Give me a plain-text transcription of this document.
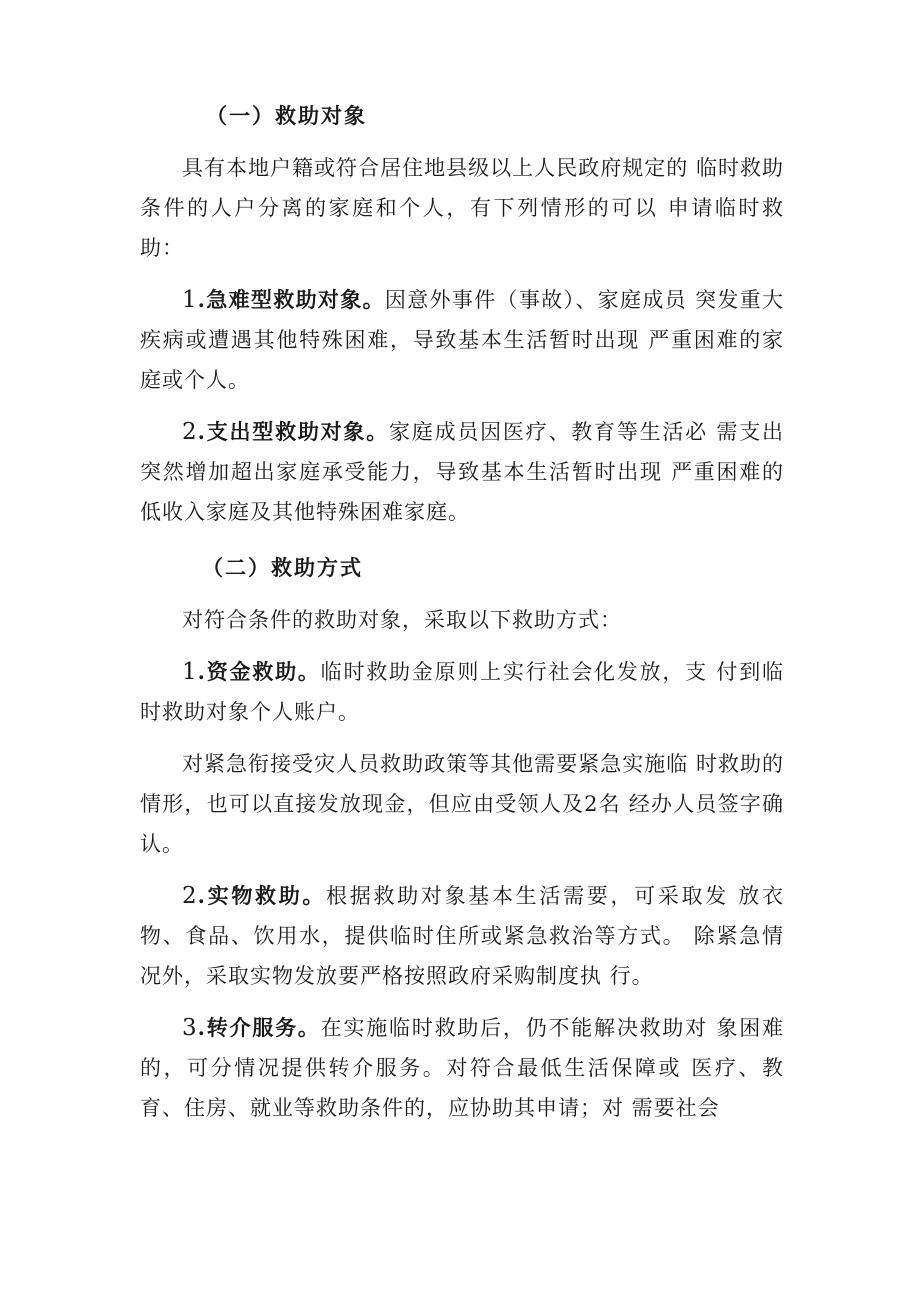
（一）救助对象

具有本地户籍或符合居住地县级以上人民政府规定的 临时救助条件的人户分离的家庭和个人，有下列情形的可以 申请临时救助：

1.急难型救助对象。因意外事件（事故）、家庭成员 突发重大疾病或遭遇其他特殊困难，导致基本生活暂时出现 严重困难的家庭或个人。

2.支出型救助对象。家庭成员因医疗、教育等生活必 需支出突然增加超出家庭承受能力，导致基本生活暂时出现 严重困难的低收入家庭及其他特殊困难家庭。

（二）救助方式

对符合条件的救助对象，采取以下救助方式：

1.资金救助。临时救助金原则上实行社会化发放，支 付到临时救助对象个人账户。

对紧急衔接受灾人员救助政策等其他需要紧急实施临 时救助的情形，也可以直接发放现金，但应由受领人及2名 经办人员签字确认。

2.实物救助。根据救助对象基本生活需要，可采取发 放衣物、食品、饮用水，提供临时住所或紧急救治等方式。 除紧急情况外，采取实物发放要严格按照政府采购制度执 行。

3.转介服务。在实施临时救助后，仍不能解决救助对 象困难的，可分情况提供转介服务。对符合最低生活保障或 医疗、教育、住房、就业等救助条件的，应协助其申请；对 需要社会
